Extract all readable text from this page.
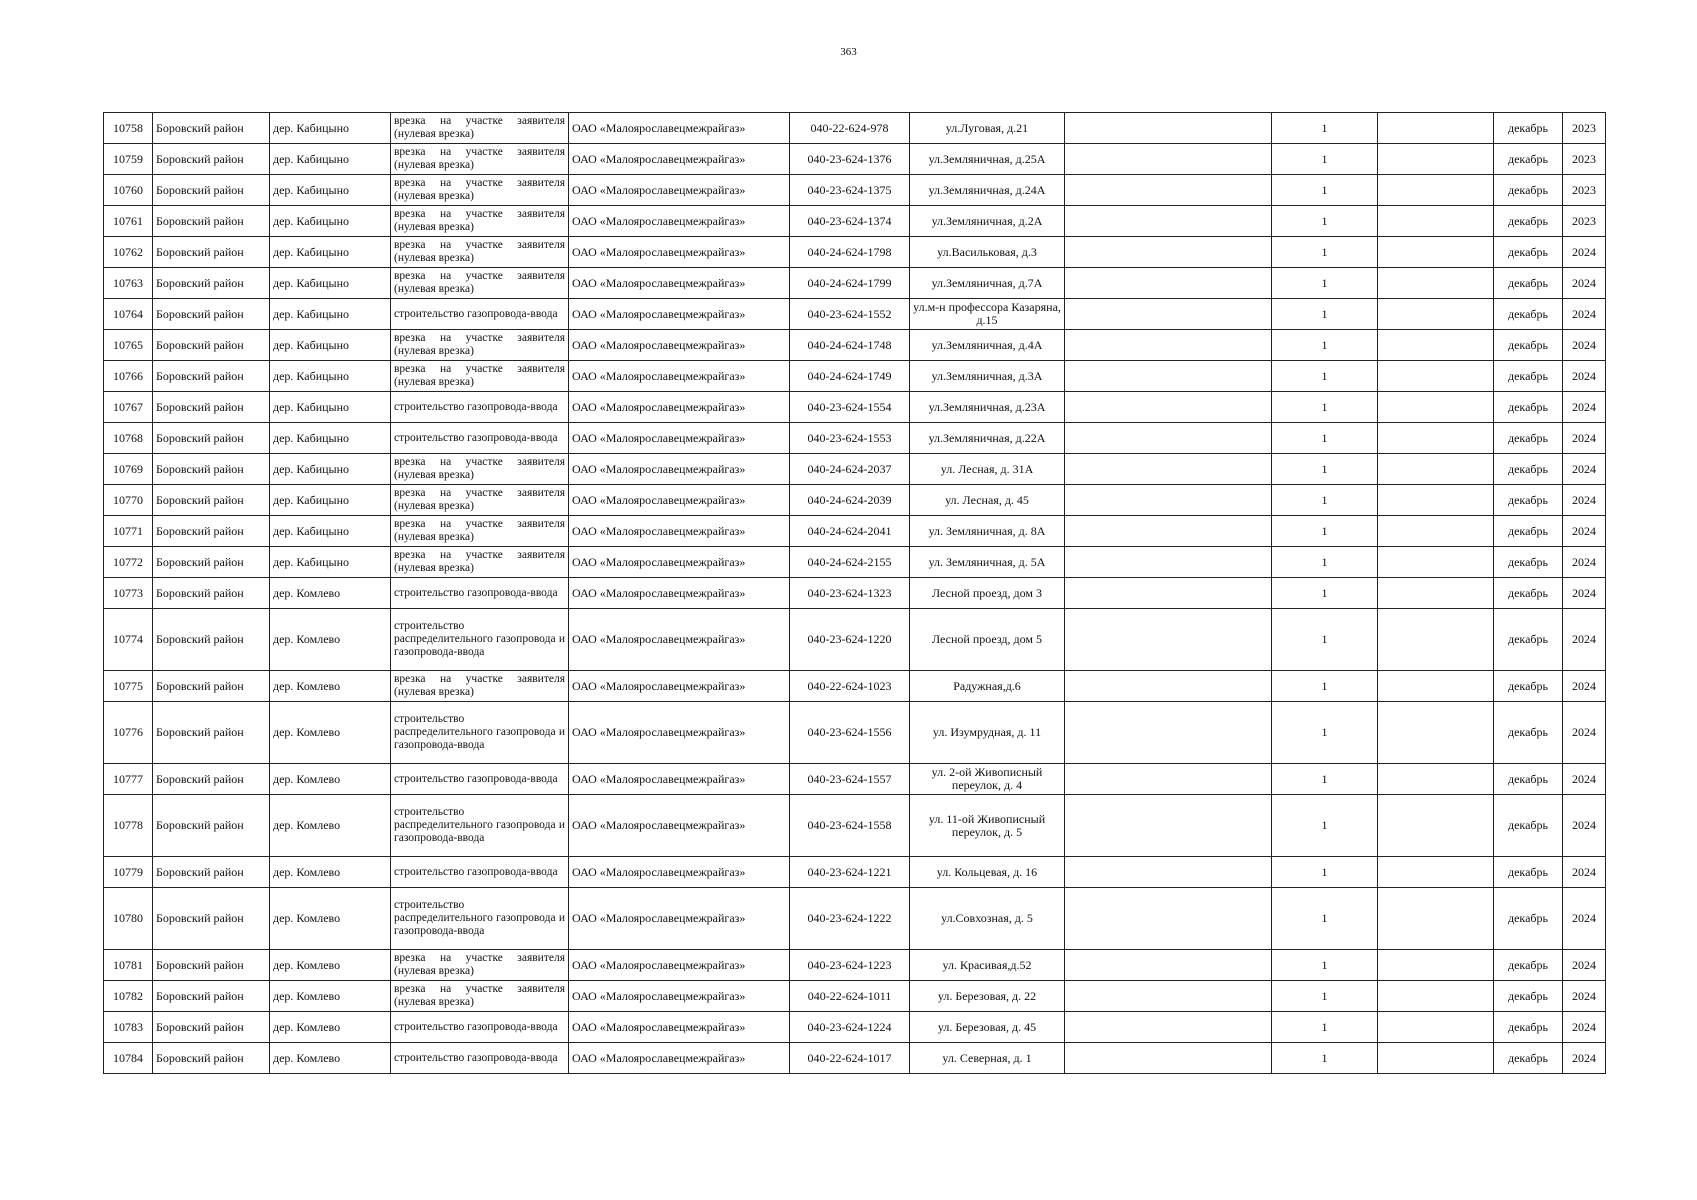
363
10758	Боровский район	дер. Кабицыно	врезка на участке заявителя (нулевая врезка)	ОАО «Малоярославецмежрайгаз»	040-22-624-978	ул.Луговая, д.21		1		декабрь	2023
10759	Боровский район	дер. Кабицыно	врезка на участке заявителя (нулевая врезка)	ОАО «Малоярославецмежрайгаз»	040-23-624-1376	ул.Земляничная, д.25А		1		декабрь	2023
10760	Боровский район	дер. Кабицыно	врезка на участке заявителя (нулевая врезка)	ОАО «Малоярославецмежрайгаз»	040-23-624-1375	ул.Земляничная, д.24А		1		декабрь	2023
10761	Боровский район	дер. Кабицыно	врезка на участке заявителя (нулевая врезка)	ОАО «Малоярославецмежрайгаз»	040-23-624-1374	ул.Земляничная, д.2А		1		декабрь	2023
10762	Боровский район	дер. Кабицыно	врезка на участке заявителя (нулевая врезка)	ОАО «Малоярославецмежрайгаз»	040-24-624-1798	ул.Васильковая, д.3		1		декабрь	2024
10763	Боровский район	дер. Кабицыно	врезка на участке заявителя (нулевая врезка)	ОАО «Малоярославецмежрайгаз»	040-24-624-1799	ул.Земляничная, д.7А		1		декабрь	2024
10764	Боровский район	дер. Кабицыно	строительство газопровода-ввода	ОАО «Малоярославецмежрайгаз»	040-23-624-1552	ул.м-н профессора Казаряна, д.15		1		декабрь	2024
10765	Боровский район	дер. Кабицыно	врезка на участке заявителя (нулевая врезка)	ОАО «Малоярославецмежрайгаз»	040-24-624-1748	ул.Земляничная, д.4А		1		декабрь	2024
10766	Боровский район	дер. Кабицыно	врезка на участке заявителя (нулевая врезка)	ОАО «Малоярославецмежрайгаз»	040-24-624-1749	ул.Земляничная, д.3А		1		декабрь	2024
10767	Боровский район	дер. Кабицыно	строительство газопровода-ввода	ОАО «Малоярославецмежрайгаз»	040-23-624-1554	ул.Земляничная, д.23А		1		декабрь	2024
10768	Боровский район	дер. Кабицыно	строительство газопровода-ввода	ОАО «Малоярославецмежрайгаз»	040-23-624-1553	ул.Земляничная, д.22А		1		декабрь	2024
10769	Боровский район	дер. Кабицыно	врезка на участке заявителя (нулевая врезка)	ОАО «Малоярославецмежрайгаз»	040-24-624-2037	ул. Лесная, д. 31А		1		декабрь	2024
10770	Боровский район	дер. Кабицыно	врезка на участке заявителя (нулевая врезка)	ОАО «Малоярославецмежрайгаз»	040-24-624-2039	ул. Лесная, д. 45		1		декабрь	2024
10771	Боровский район	дер. Кабицыно	врезка на участке заявителя (нулевая врезка)	ОАО «Малоярославецмежрайгаз»	040-24-624-2041	ул. Земляничная, д. 8А		1		декабрь	2024
10772	Боровский район	дер. Кабицыно	врезка на участке заявителя (нулевая врезка)	ОАО «Малоярославецмежрайгаз»	040-24-624-2155	ул. Земляничная, д. 5А		1		декабрь	2024
10773	Боровский район	дер. Комлево	строительство газопровода-ввода	ОАО «Малоярославецмежрайгаз»	040-23-624-1323	Лесной проезд, дом 3		1		декабрь	2024
10774	Боровский район	дер. Комлево	строительство распределительного газопровода и газопровода-ввода	ОАО «Малоярославецмежрайгаз»	040-23-624-1220	Лесной проезд, дом 5		1		декабрь	2024
10775	Боровский район	дер. Комлево	врезка на участке заявителя (нулевая врезка)	ОАО «Малоярославецмежрайгаз»	040-22-624-1023	Радужная,д.6		1		декабрь	2024
10776	Боровский район	дер. Комлево	строительство распределительного газопровода и газопровода-ввода	ОАО «Малоярославецмежрайгаз»	040-23-624-1556	ул. Изумрудная, д. 11		1		декабрь	2024
10777	Боровский район	дер. Комлево	строительство газопровода-ввода	ОАО «Малоярославецмежрайгаз»	040-23-624-1557	ул. 2-ой Живописный переулок, д. 4		1		декабрь	2024
10778	Боровский район	дер. Комлево	строительство распределительного газопровода и газопровода-ввода	ОАО «Малоярославецмежрайгаз»	040-23-624-1558	ул. 11-ой Живописный переулок, д. 5		1		декабрь	2024
10779	Боровский район	дер. Комлево	строительство газопровода-ввода	ОАО «Малоярославецмежрайгаз»	040-23-624-1221	ул. Кольцевая, д. 16		1		декабрь	2024
10780	Боровский район	дер. Комлево	строительство распределительного газопровода и газопровода-ввода	ОАО «Малоярославецмежрайгаз»	040-23-624-1222	ул.Совхозная, д. 5		1		декабрь	2024
10781	Боровский район	дер. Комлево	врезка на участке заявителя (нулевая врезка)	ОАО «Малоярославецмежрайгаз»	040-23-624-1223	ул. Красивая,д.52		1		декабрь	2024
10782	Боровский район	дер. Комлево	врезка на участке заявителя (нулевая врезка)	ОАО «Малоярославецмежрайгаз»	040-22-624-1011	ул. Березовая, д. 22		1		декабрь	2024
10783	Боровский район	дер. Комлево	строительство газопровода-ввода	ОАО «Малоярославецмежрайгаз»	040-23-624-1224	ул. Березовая, д. 45		1		декабрь	2024
10784	Боровский район	дер. Комлево	строительство газопровода-ввода	ОАО «Малоярославецмежрайгаз»	040-22-624-1017	ул. Северная, д. 1		1		декабрь	2024
